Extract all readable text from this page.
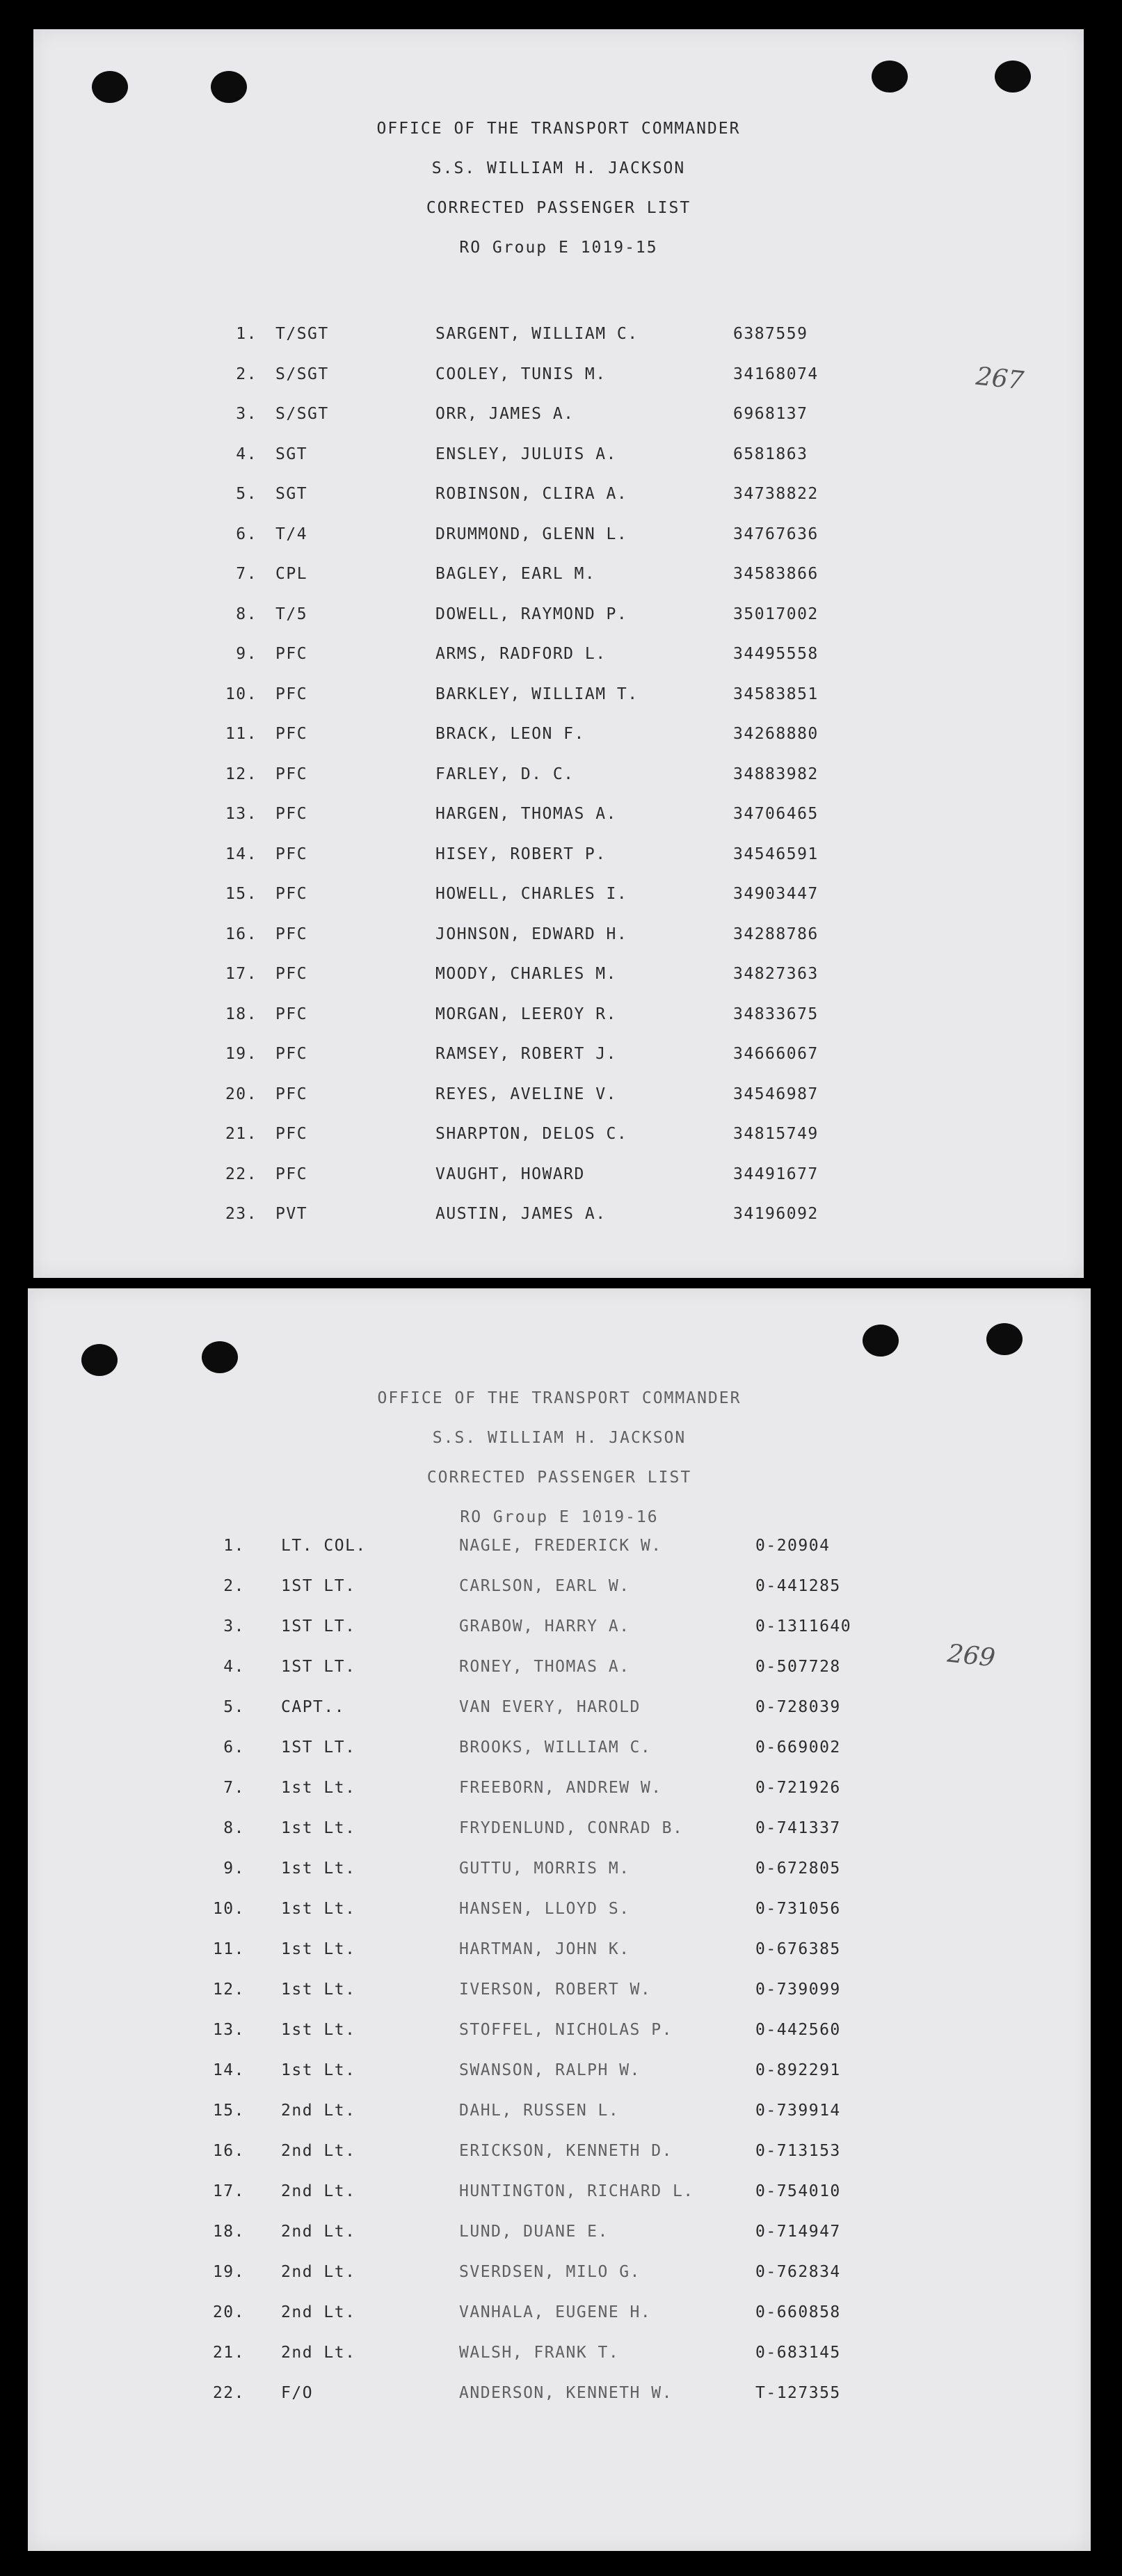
OFFICE OF THE TRANSPORT COMMANDER
S.S. WILLIAM H. JACKSON
CORRECTED PASSENGER LIST
RO Group E 1019-15
267
1. T/SGT	SARGENT, WILLIAM C.	6387559
2. S/SGT	COOLEY, TUNIS M.	34168074
3. S/SGT	ORR, JAMES A.	6968137
4. SGT	ENSLEY, JULUIS A.	6581863
5. SGT	ROBINSON, CLIRA A.	34738822
6. T/4	DRUMMOND, GLENN L.	34767636
7. CPL	BAGLEY, EARL M.	34583866
8. T/5	DOWELL, RAYMOND P.	35017002
9. PFC	ARMS, RADFORD L.	34495558
10. PFC	BARKLEY, WILLIAM T.	34583851
11. PFC	BRACK, LEON F.	34268880
12. PFC	FARLEY, D. C.	34883982
13. PFC	HARGEN, THOMAS A.	34706465
14. PFC	HISEY, ROBERT P.	34546591
15. PFC	HOWELL, CHARLES I.	34903447
16. PFC	JOHNSON, EDWARD H.	34288786
17. PFC	MOODY, CHARLES M.	34827363
18. PFC	MORGAN, LEEROY R.	34833675
19. PFC	RAMSEY, ROBERT J.	34666067
20. PFC	REYES, AVELINE V.	34546987
21. PFC	SHARPTON, DELOS C.	34815749
22. PFC	VAUGHT, HOWARD	34491677
23. PVT	AUSTIN, JAMES A.	34196092
OFFICE OF THE TRANSPORT COMMANDER
S.S. WILLIAM H. JACKSON
CORRECTED PASSENGER LIST
RO Group E 1019-16
269
1. LT. COL.	NAGLE, FREDERICK W.	0-20904
2. 1ST LT.	CARLSON, EARL W.	0-441285
3. 1ST LT.	GRABOW, HARRY A.	0-1311640
4. 1ST LT.	RONEY, THOMAS A.	0-507728
5. CAPT..	VAN EVERY, HAROLD	0-728039
6. 1ST LT.	BROOKS, WILLIAM C.	0-669002
7. 1st Lt.	FREEBORN, ANDREW W.	0-721926
8. 1st Lt.	FRYDENLUND, CONRAD B.	0-741337
9. 1st Lt.	GUTTU, MORRIS M.	0-672805
10. 1st Lt.	HANSEN, LLOYD S.	0-731056
11. 1st Lt.	HARTMAN, JOHN K.	0-676385
12. 1st Lt.	IVERSON, ROBERT W.	0-739099
13. 1st Lt.	STOFFEL, NICHOLAS P.	0-442560
14. 1st Lt.	SWANSON, RALPH W.	0-892291
15. 2nd Lt.	DAHL, RUSSEN L.	0-739914
16. 2nd Lt.	ERICKSON, KENNETH D.	0-713153
17. 2nd Lt.	HUNTINGTON, RICHARD L.	0-754010
18. 2nd Lt.	LUND, DUANE E.	0-714947
19. 2nd Lt.	SVERDSEN, MILO G.	0-762834
20. 2nd Lt.	VANHALA, EUGENE H.	0-660858
21. 2nd Lt.	WALSH, FRANK T.	0-683145
22. F/O	ANDERSON, KENNETH W.	T-127355
